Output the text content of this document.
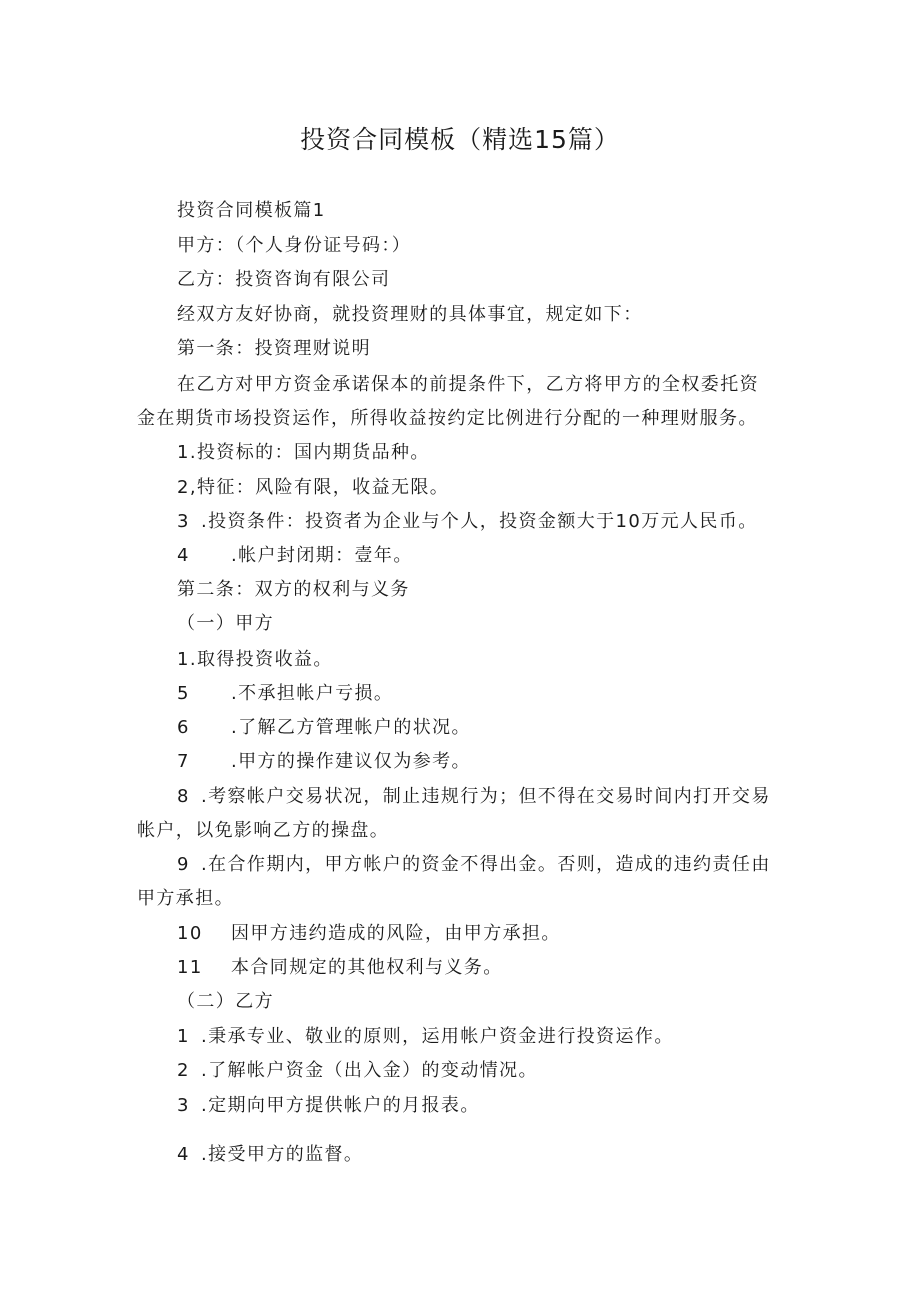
投资合同模板（精选15篇）

投资合同模板篇1

甲方：（个人身份证号码：）

乙方：投资咨询有限公司

经双方友好协商，就投资理财的具体事宜，规定如下：

第一条：投资理财说明

在乙方对甲方资金承诺保本的前提条件下，乙方将甲方的全权委托资

金在期货市场投资运作，所得收益按约定比例进行分配的一种理财服务。

1.投资标的：国内期货品种。

2,特征：风险有限，收益无限。

3 .投资条件：投资者为企业与个人，投资金额大于10万元人民币。

4 .帐户封闭期：壹年。

第二条：双方的权利与义务

（一）甲方

1.取得投资收益。

5 .不承担帐户亏损。

6 .了解乙方管理帐户的状况。

7 .甲方的操作建议仅为参考。

8 .考察帐户交易状况，制止违规行为；但不得在交易时间内打开交易

帐户，以免影响乙方的操盘。

9 .在合作期内，甲方帐户的资金不得出金。否则，造成的违约责任由

甲方承担。

10 因甲方违约造成的风险，由甲方承担。

11 本合同规定的其他权利与义务。

（二）乙方

1 .秉承专业、敬业的原则，运用帐户资金进行投资运作。

2 .了解帐户资金（出入金）的变动情况。

3 .定期向甲方提供帐户的月报表。

4 .接受甲方的监督。
